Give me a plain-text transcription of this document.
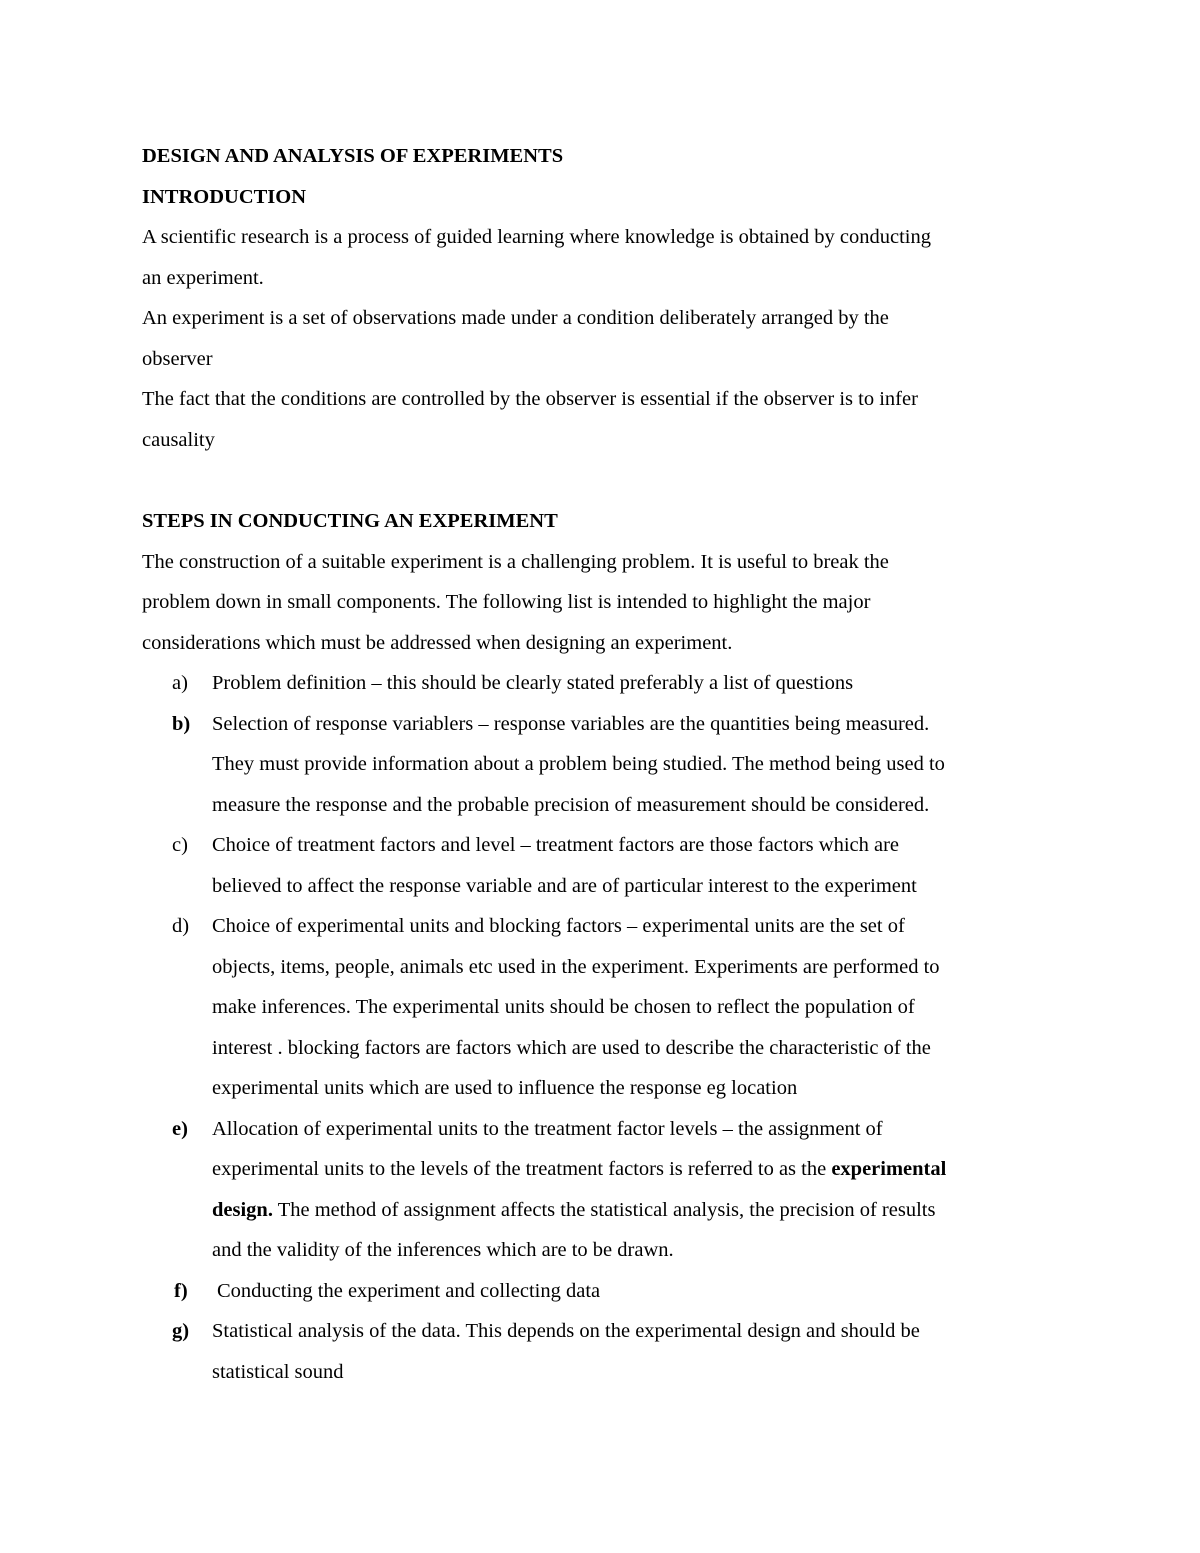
DESIGN AND ANALYSIS OF EXPERIMENTS
INTRODUCTION
A scientific research is a process of guided learning where knowledge is obtained by conducting
an experiment.
An experiment is a set of observations made under a condition deliberately arranged by the
observer
The fact that the conditions are controlled by the observer is essential if the observer is to infer
causality
STEPS IN CONDUCTING AN EXPERIMENT
The construction of a suitable experiment is a challenging problem. It is useful to break the
problem down in small components. The following list is intended to highlight the major
considerations which must be addressed when designing an experiment.
a) Problem definition – this should be clearly stated preferably a list of questions
b) Selection of response variablers – response variables are the quantities being measured.
They must provide information about a problem being studied. The method being used to
measure the response and the probable precision of measurement should be considered.
c) Choice of treatment factors and level – treatment factors are those factors which are
believed to affect the response variable and are of particular interest to the experiment
d) Choice of experimental units and blocking factors – experimental units are the set of
objects, items, people, animals etc used in the experiment. Experiments are performed to
make inferences. The experimental units should be chosen to reflect the population of
interest . blocking factors are factors which are used to describe the characteristic of the
experimental units which are used to influence the response eg location
e) Allocation of experimental units to the treatment factor levels – the assignment of
experimental units to the levels of the treatment factors is referred to as the experimental
design. The method of assignment affects the statistical analysis, the precision of results
and the validity of the inferences which are to be drawn.
f) Conducting the experiment and collecting data
g) Statistical analysis of the data. This depends on the experimental design and should be
statistical sound
